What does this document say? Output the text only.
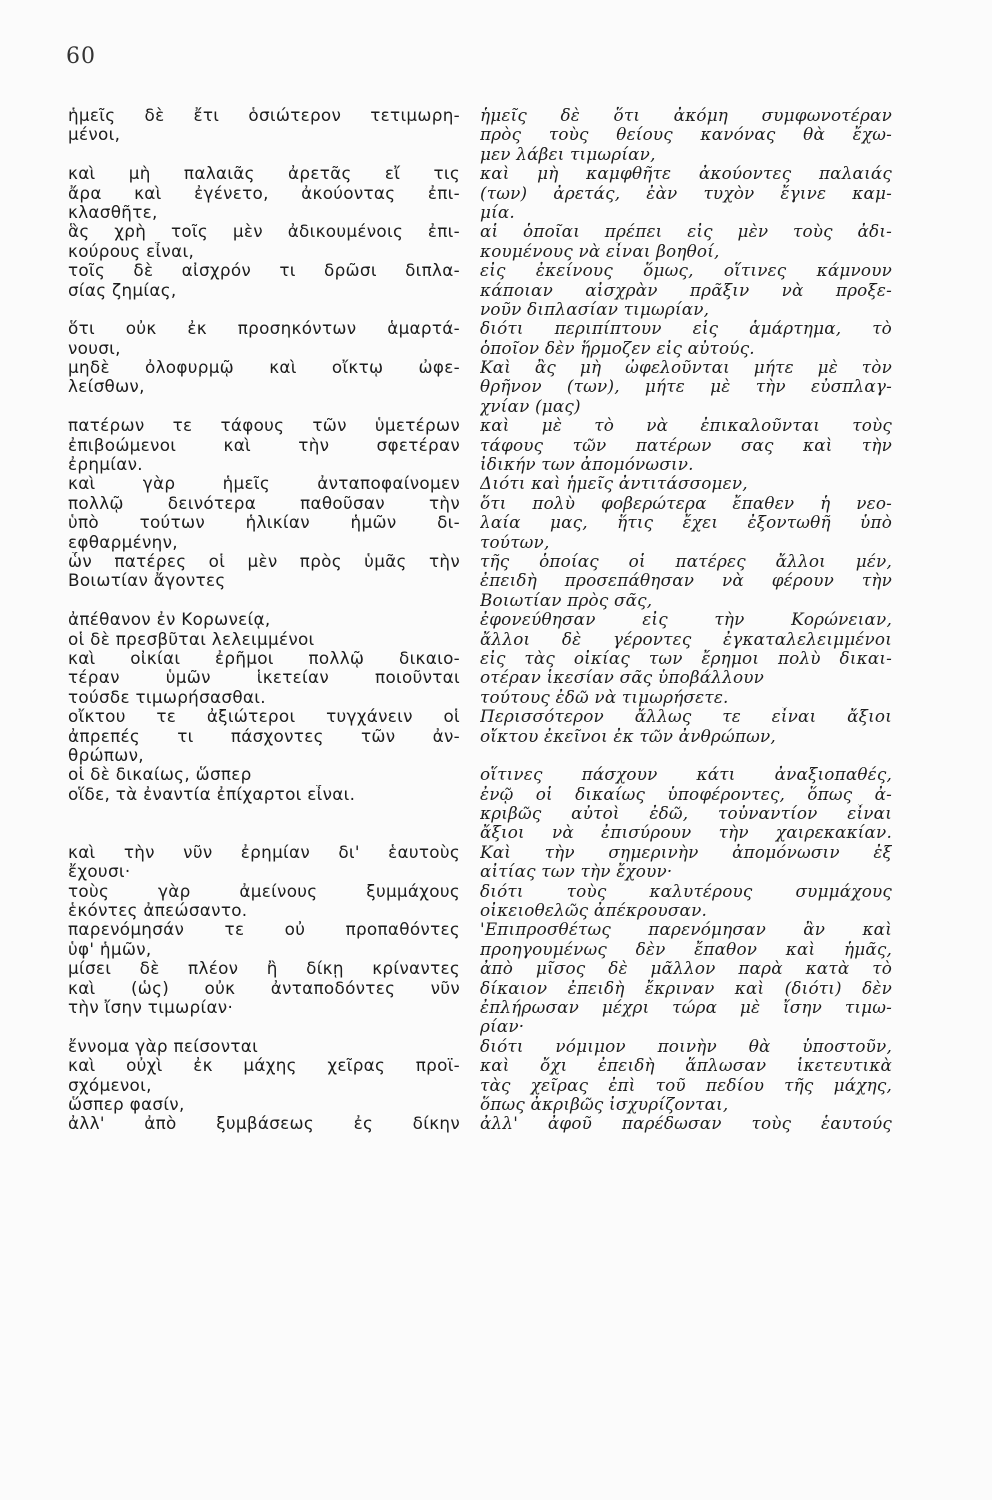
60
ἡμεῖς δὲ ἔτι ὁσιώτερον τετιμωρη-
μένοι,
καὶ μὴ παλαιᾶς ἀρετᾶς εἴ τις
ἄρα καὶ ἐγένετο, ἀκούοντας ἐπι-
κλασθῆτε,
ἃς χρὴ τοῖς μὲν ἀδικουμένοις ἐπι-
κούρους εἶναι,
τοῖς δὲ αἰσχρόν τι δρῶσι διπλα-
σίας ζημίας,
ὅτι οὐκ ἐκ προσηκόντων ἁμαρτά-
νουσι,
μηδὲ ὀλοφυρμῷ καὶ οἴκτῳ ὠφε-
λείσθων,
πατέρων τε τάφους τῶν ὑμετέρων
ἐπιβοώμενοι καὶ τὴν σφετέραν
ἐρημίαν.
καὶ γὰρ ἡμεῖς ἀνταποφαίνομεν
πολλῷ δεινότερα παθοῦσαν τὴν
ὑπὸ τούτων ἡλικίαν ἡμῶν δι-
εφθαρμένην,
ὧν πατέρες οἱ μὲν πρὸς ὑμᾶς τὴν
Βοιωτίαν ἄγοντες
ἀπέθανον ἐν Κορωνείᾳ,
οἱ δὲ πρεσβῦται λελειμμένοι
καὶ οἰκίαι ἐρῆμοι πολλῷ δικαιο-
τέραν ὑμῶν ἱκετείαν ποιοῦνται
τούσδε τιμωρήσασθαι.
οἴκτου τε ἀξιώτεροι τυγχάνειν οἱ
ἀπρεπές τι πάσχοντες τῶν ἀν-
θρώπων,
οἱ δὲ δικαίως, ὥσπερ
οἵδε, τὰ ἐναντία ἐπίχαρτοι εἶναι.
καὶ τὴν νῦν ἐρημίαν δι' ἑαυτοὺς
ἔχουσι·
τοὺς γὰρ ἀμείνους ξυμμάχους
ἑκόντες ἀπεώσαντο.
παρενόμησάν τε οὐ προπαθόντες
ὑφ' ἡμῶν,
μίσει δὲ πλέον ἢ δίκῃ κρίναντες
καὶ (ὡς) οὐκ ἀνταποδόντες νῦν
τὴν ἴσην τιμωρίαν·
ἔννομα γὰρ πείσονται
καὶ οὐχὶ ἐκ μάχης χεῖρας προϊ-
σχόμενοι,
ὥσπερ φασίν,
ἀλλ' ἀπὸ ξυμβάσεως ἐς δίκην
ἡμεῖς δὲ ὅτι ἀκόμη συμφωνοτέραν
πρὸς τοὺς θείους κανόνας θὰ ἔχω-
μεν λάβει τιμωρίαν,
καὶ μὴ καμφθῆτε ἀκούοντες παλαιάς
(των) ἀρετάς, ἐὰν τυχὸν ἔγινε καμ-
μία.
αἱ ὁποῖαι πρέπει εἰς μὲν τοὺς ἀδι-
κουμένους νὰ εἶναι βοηθοί,
εἰς ἐκείνους ὅμως, οἵτινες κάμνουν
κάποιαν αἰσχρὰν πρᾶξιν νὰ προξε-
νοῦν διπλασίαν τιμωρίαν,
διότι περιπίπτουν εἰς ἁμάρτημα, τὸ
ὁποῖον δὲν ἥρμοζεν εἰς αὐτούς.
Καὶ ἂς μὴ ὠφελοῦνται μήτε μὲ τὸν
θρῆνον (των), μήτε μὲ τὴν εὐσπλαγ-
χνίαν (μας)
καὶ μὲ τὸ νὰ ἐπικαλοῦνται τοὺς
τάφους τῶν πατέρων σας καὶ τὴν
ἰδικήν των ἀπομόνωσιν.
Διότι καὶ ἡμεῖς ἀντιτάσσομεν,
ὅτι πολὺ φοβερώτερα ἔπαθεν ἡ νεο-
λαία μας, ἥτις ἔχει ἐξοντωθῆ ὑπὸ
τούτων,
τῆς ὁποίας οἱ πατέρες ἄλλοι μέν,
ἐπειδὴ προσεπάθησαν νὰ φέρουν τὴν
Βοιωτίαν πρὸς σᾶς,
ἐφονεύθησαν εἰς τὴν Κορώνειαν,
ἄλλοι δὲ γέροντες ἐγκαταλελειμμένοι
εἰς τὰς οἰκίας των ἔρημοι πολὺ δικαι-
οτέραν ἱκεσίαν σᾶς ὑποβάλλουν
τούτους ἐδῶ νὰ τιμωρήσετε.
Περισσότερον ἄλλως τε εἶναι ἄξιοι
οἴκτου ἐκεῖνοι ἐκ τῶν ἀνθρώπων,
οἵτινες πάσχουν κάτι ἀναξιοπαθές,
ἐνῷ οἱ δικαίως ὑποφέροντες, ὅπως ἀ-
κριβῶς αὐτοὶ ἐδῶ, τοὐναντίον εἶναι
ἄξιοι νὰ ἐπισύρουν τὴν χαιρεκακίαν.
Καὶ τὴν σημερινὴν ἀπομόνωσιν ἐξ
αἰτίας των τὴν ἔχουν·
διότι τοὺς καλυτέρους συμμάχους
οἰκειοθελῶς ἀπέκρουσαν.
'Επιπροσθέτως παρενόμησαν ἂν καὶ
προηγουμένως δὲν ἔπαθον καὶ ἡμᾶς,
ἀπὸ μῖσος δὲ μᾶλλον παρὰ κατὰ τὸ
δίκαιον ἐπειδὴ ἔκριναν καὶ (διότι) δὲν
ἐπλήρωσαν μέχρι τώρα μὲ ἴσην τιμω-
ρίαν·
διότι νόμιμον ποινὴν θὰ ὑποστοῦν,
καὶ ὄχι ἐπειδὴ ἅπλωσαν ἱκετευτικὰ
τὰς χεῖρας ἐπὶ τοῦ πεδίου τῆς μάχης,
ὅπως ἀκριβῶς ἰσχυρίζονται,
ἀλλ' ἀφοῦ παρέδωσαν τοὺς ἑαυτούς
